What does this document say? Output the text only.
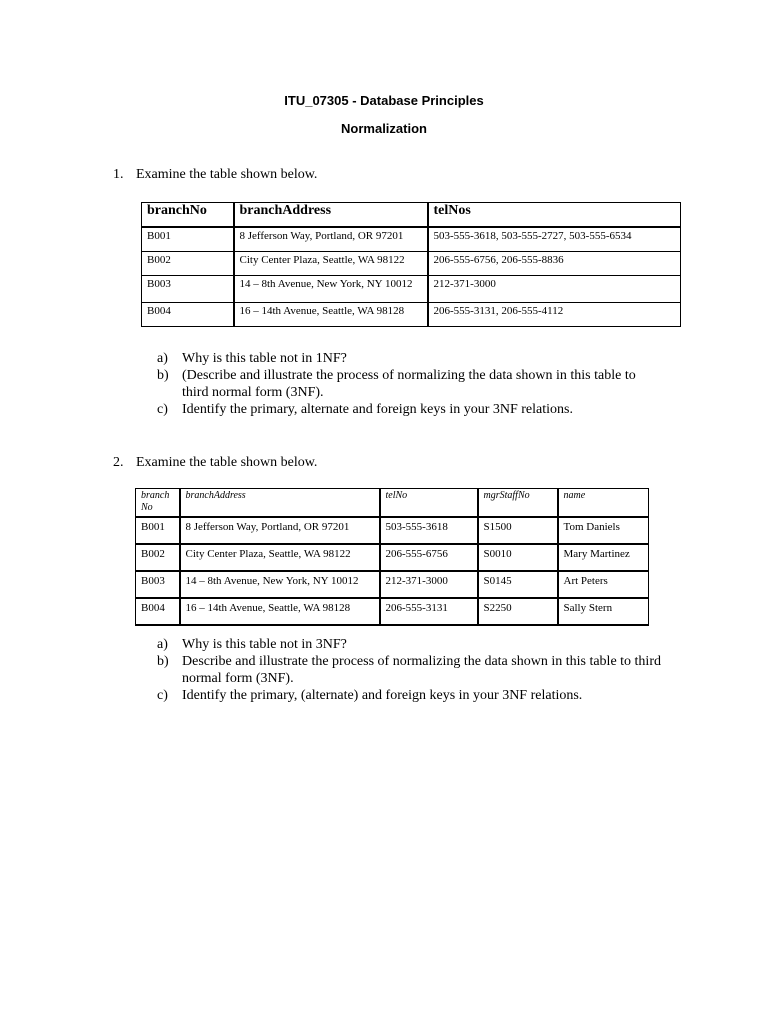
ITU_07305 - Database Principles
Normalization
1. Examine the table shown below.
branchNo	branchAddress	telNos
B001	8 Jefferson Way, Portland, OR 97201	503-555-3618, 503-555-2727, 503-555-6534
B002	City Center Plaza, Seattle, WA 98122	206-555-6756, 206-555-8836
B003	14 – 8th Avenue, New York, NY 10012	212-371-3000
B004	16 – 14th Avenue, Seattle, WA 98128	206-555-3131, 206-555-4112
a) Why is this table not in 1NF?
b) (Describe and illustrate the process of normalizing the data shown in this table to
third normal form (3NF).
c) Identify the primary, alternate and foreign keys in your 3NF relations.
2. Examine the table shown below.
branchNo	branchAddress	telNo	mgrStaffNo	name
B001	8 Jefferson Way, Portland, OR 97201	503-555-3618	S1500	Tom Daniels
B002	City Center Plaza, Seattle, WA 98122	206-555-6756	S0010	Mary Martinez
B003	14 – 8th Avenue, New York, NY 10012	212-371-3000	S0145	Art Peters
B004	16 – 14th Avenue, Seattle, WA 98128	206-555-3131	S2250	Sally Stern
a) Why is this table not in 3NF?
b) Describe and illustrate the process of normalizing the data shown in this table to third
normal form (3NF).
c) Identify the primary, (alternate) and foreign keys in your 3NF relations.
